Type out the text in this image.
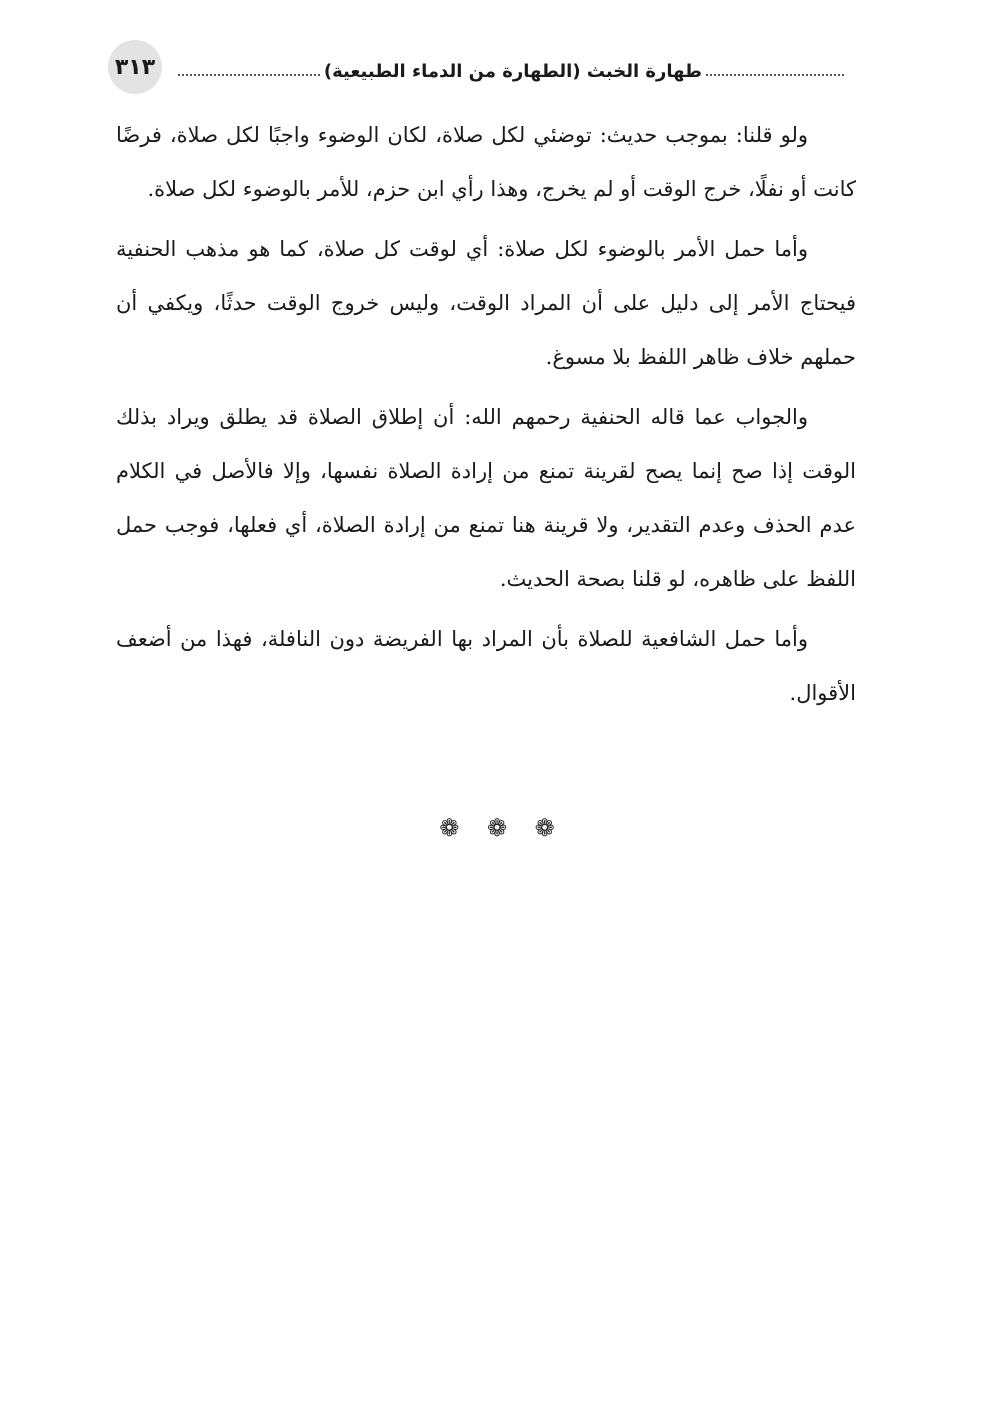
٣١٣	طهارة الخبث (الطهارة من الدماء الطبيعية)

ولو قلنا: بموجب حديث: توضئي لكل صلاة، لكان الوضوء واجبًا لكل صلاة، فرضًا كانت أو نفلًا، خرج الوقت أو لم يخرج، وهذا رأي ابن حزم، للأمر بالوضوء لكل صلاة.

وأما حمل الأمر بالوضوء لكل صلاة: أي لوقت كل صلاة، كما هو مذهب الحنفية فيحتاج الأمر إلى دليل على أن المراد الوقت، وليس خروج الوقت حدثًا، ويكفي أن حملهم خلاف ظاهر اللفظ بلا مسوغ.

والجواب عما قاله الحنفية رحمهم الله: أن إطلاق الصلاة قد يطلق ويراد بذلك الوقت إذا صح إنما يصح لقرينة تمنع من إرادة الصلاة نفسها، وإلا فالأصل في الكلام عدم الحذف وعدم التقدير، ولا قرينة هنا تمنع من إرادة الصلاة، أي فعلها، فوجب حمل اللفظ على ظاهره، لو قلنا بصحة الحديث.

وأما حمل الشافعية للصلاة بأن المراد بها الفريضة دون النافلة، فهذا من أضعف الأقوال.

❁ ❁ ❁
